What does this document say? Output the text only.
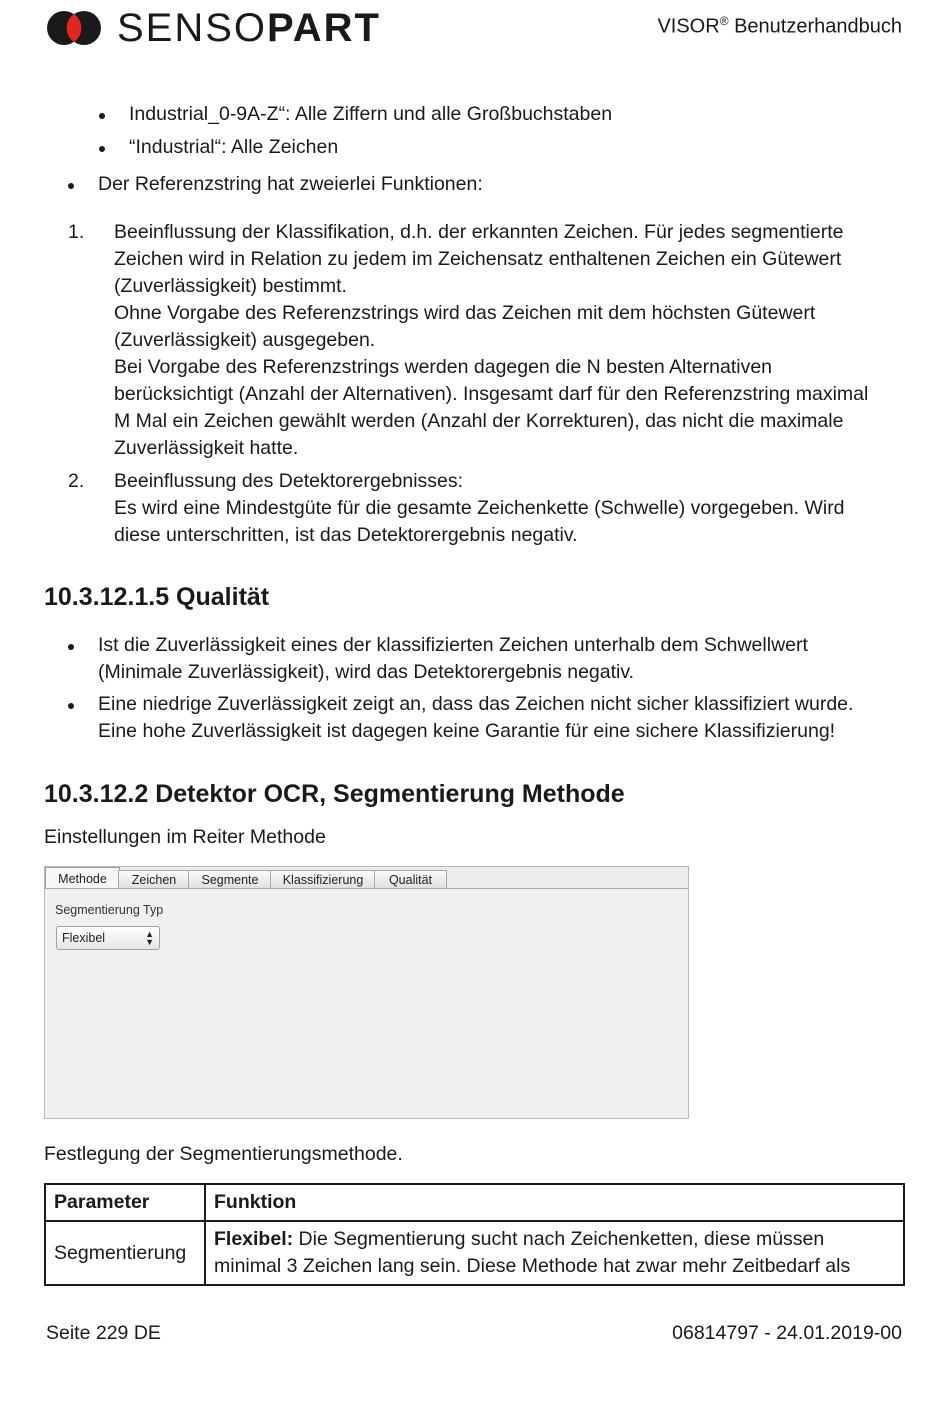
SENSOPART	VISOR® Benutzerhandbuch
Industrial_0-9A-Z“: Alle Ziffern und alle Großbuchstaben
“Industrial“: Alle Zeichen
Der Referenzstring hat zweierlei Funktionen:
1. Beeinflussung der Klassifikation, d.h. der erkannten Zeichen. Für jedes segmentierte
Zeichen wird in Relation zu jedem im Zeichensatz enthaltenen Zeichen ein Gütewert
(Zuverlässigkeit) bestimmt.
Ohne Vorgabe des Referenzstrings wird das Zeichen mit dem höchsten Gütewert
(Zuverlässigkeit) ausgegeben.
Bei Vorgabe des Referenzstrings werden dagegen die N besten Alternativen
berücksichtigt (Anzahl der Alternativen). Insgesamt darf für den Referenzstring maximal
M Mal ein Zeichen gewählt werden (Anzahl der Korrekturen), das nicht die maximale
Zuverlässigkeit hatte.
2. Beeinflussung des Detektorergebnisses:
Es wird eine Mindestgüte für die gesamte Zeichenkette (Schwelle) vorgegeben. Wird
diese unterschritten, ist das Detektorergebnis negativ.
10.3.12.1.5 Qualität
Ist die Zuverlässigkeit eines der klassifizierten Zeichen unterhalb dem Schwellwert
(Minimale Zuverlässigkeit), wird das Detektorergebnis negativ.
Eine niedrige Zuverlässigkeit zeigt an, dass das Zeichen nicht sicher klassifiziert wurde.
Eine hohe Zuverlässigkeit ist dagegen keine Garantie für eine sichere Klassifizierung!
10.3.12.2 Detektor OCR, Segmentierung Methode
Einstellungen im Reiter Methode
Methode	Zeichen	Segmente	Klassifizierung	Qualität
Segmentierung Typ
Flexibel	▲
▼
Festlegung der Segmentierungsmethode.
Parameter	Funktion
Segmentierung	Flexibel: Die Segmentierung sucht nach Zeichenketten, diese müssen
minimal 3 Zeichen lang sein. Diese Methode hat zwar mehr Zeitbedarf als
Seite 229 DE	06814797 - 24.01.2019-00
